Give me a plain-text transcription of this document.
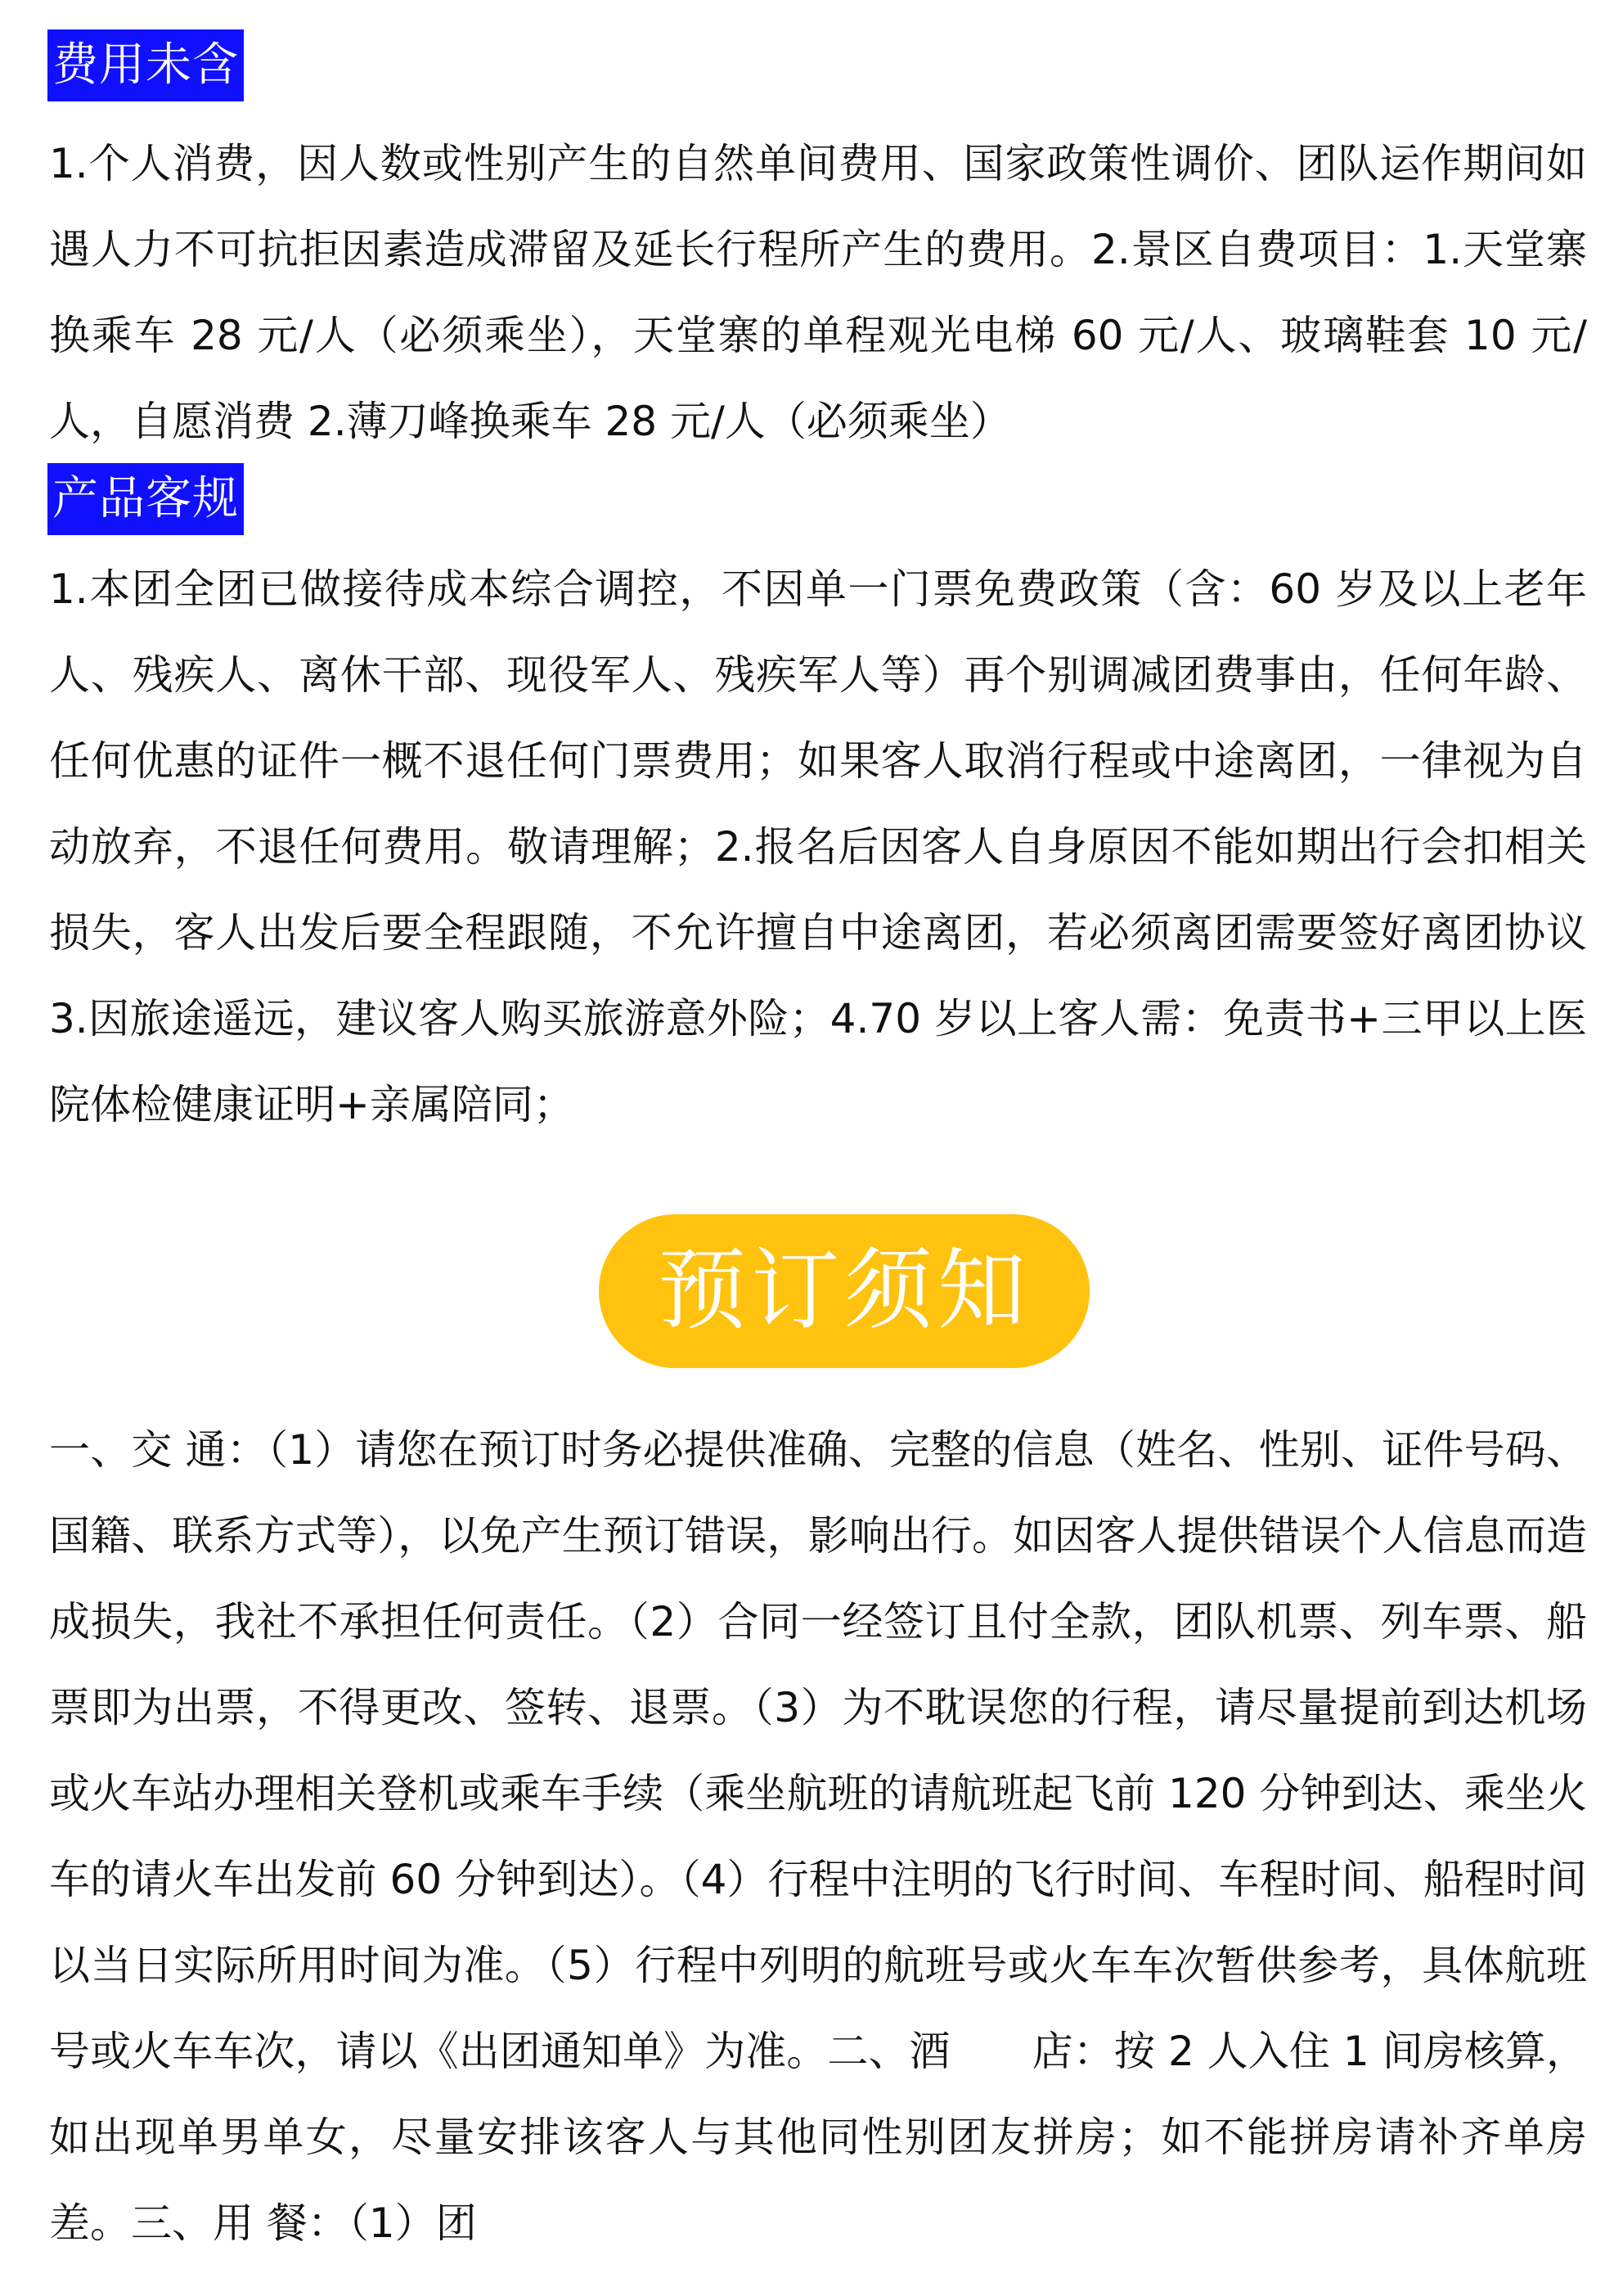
费用未含

1.个人消费，因人数或性别产生的自然单间费用、国家政策性调价、团队运作期间如遇人力不可抗拒因素造成滞留及延长行程所产生的费用。2.景区自费项目：1.天堂寨换乘车 28 元/人（必须乘坐），天堂寨的单程观光电梯 60 元/人、玻璃鞋套 10 元/人，自愿消费 2.薄刀峰换乘车 28 元/人（必须乘坐）

产品客规

1.本团全团已做接待成本综合调控，不因单一门票免费政策（含：60 岁及以上老年人、残疾人、离休干部、现役军人、残疾军人等）再个别调减团费事由，任何年龄、任何优惠的证件一概不退任何门票费用；如果客人取消行程或中途离团，一律视为自动放弃，不退任何费用。敬请理解；2.报名后因客人自身原因不能如期出行会扣相关损失，客人出发后要全程跟随，不允许擅自中途离团，若必须离团需要签好离团协议 3.因旅途遥远，建议客人购买旅游意外险；4.70 岁以上客人需：免责书+三甲以上医院体检健康证明+亲属陪同；

预订须知

一、交 通：（1）请您在预订时务必提供准确、完整的信息（姓名、性别、证件号码、国籍、联系方式等），以免产生预订错误，影响出行。如因客人提供错误个人信息而造成损失，我社不承担任何责任。（2）合同一经签订且付全款，团队机票、列车票、船票即为出票，不得更改、签转、退票。（3）为不耽误您的行程，请尽量提前到达机场或火车站办理相关登机或乘车手续（乘坐航班的请航班起飞前 120 分钟到达、乘坐火车的请火车出发前 60 分钟到达）。（4）行程中注明的飞行时间、车程时间、船程时间以当日实际所用时间为准。（5）行程中列明的航班号或火车车次暂供参考，具体航班号或火车车次，请以《出团通知单》为准。二、酒　　店：按 2 人入住 1 间房核算，如出现单男单女，尽量安排该客人与其他同性别团友拼房；如不能拼房请补齐单房差。三、用 餐：（1）团
